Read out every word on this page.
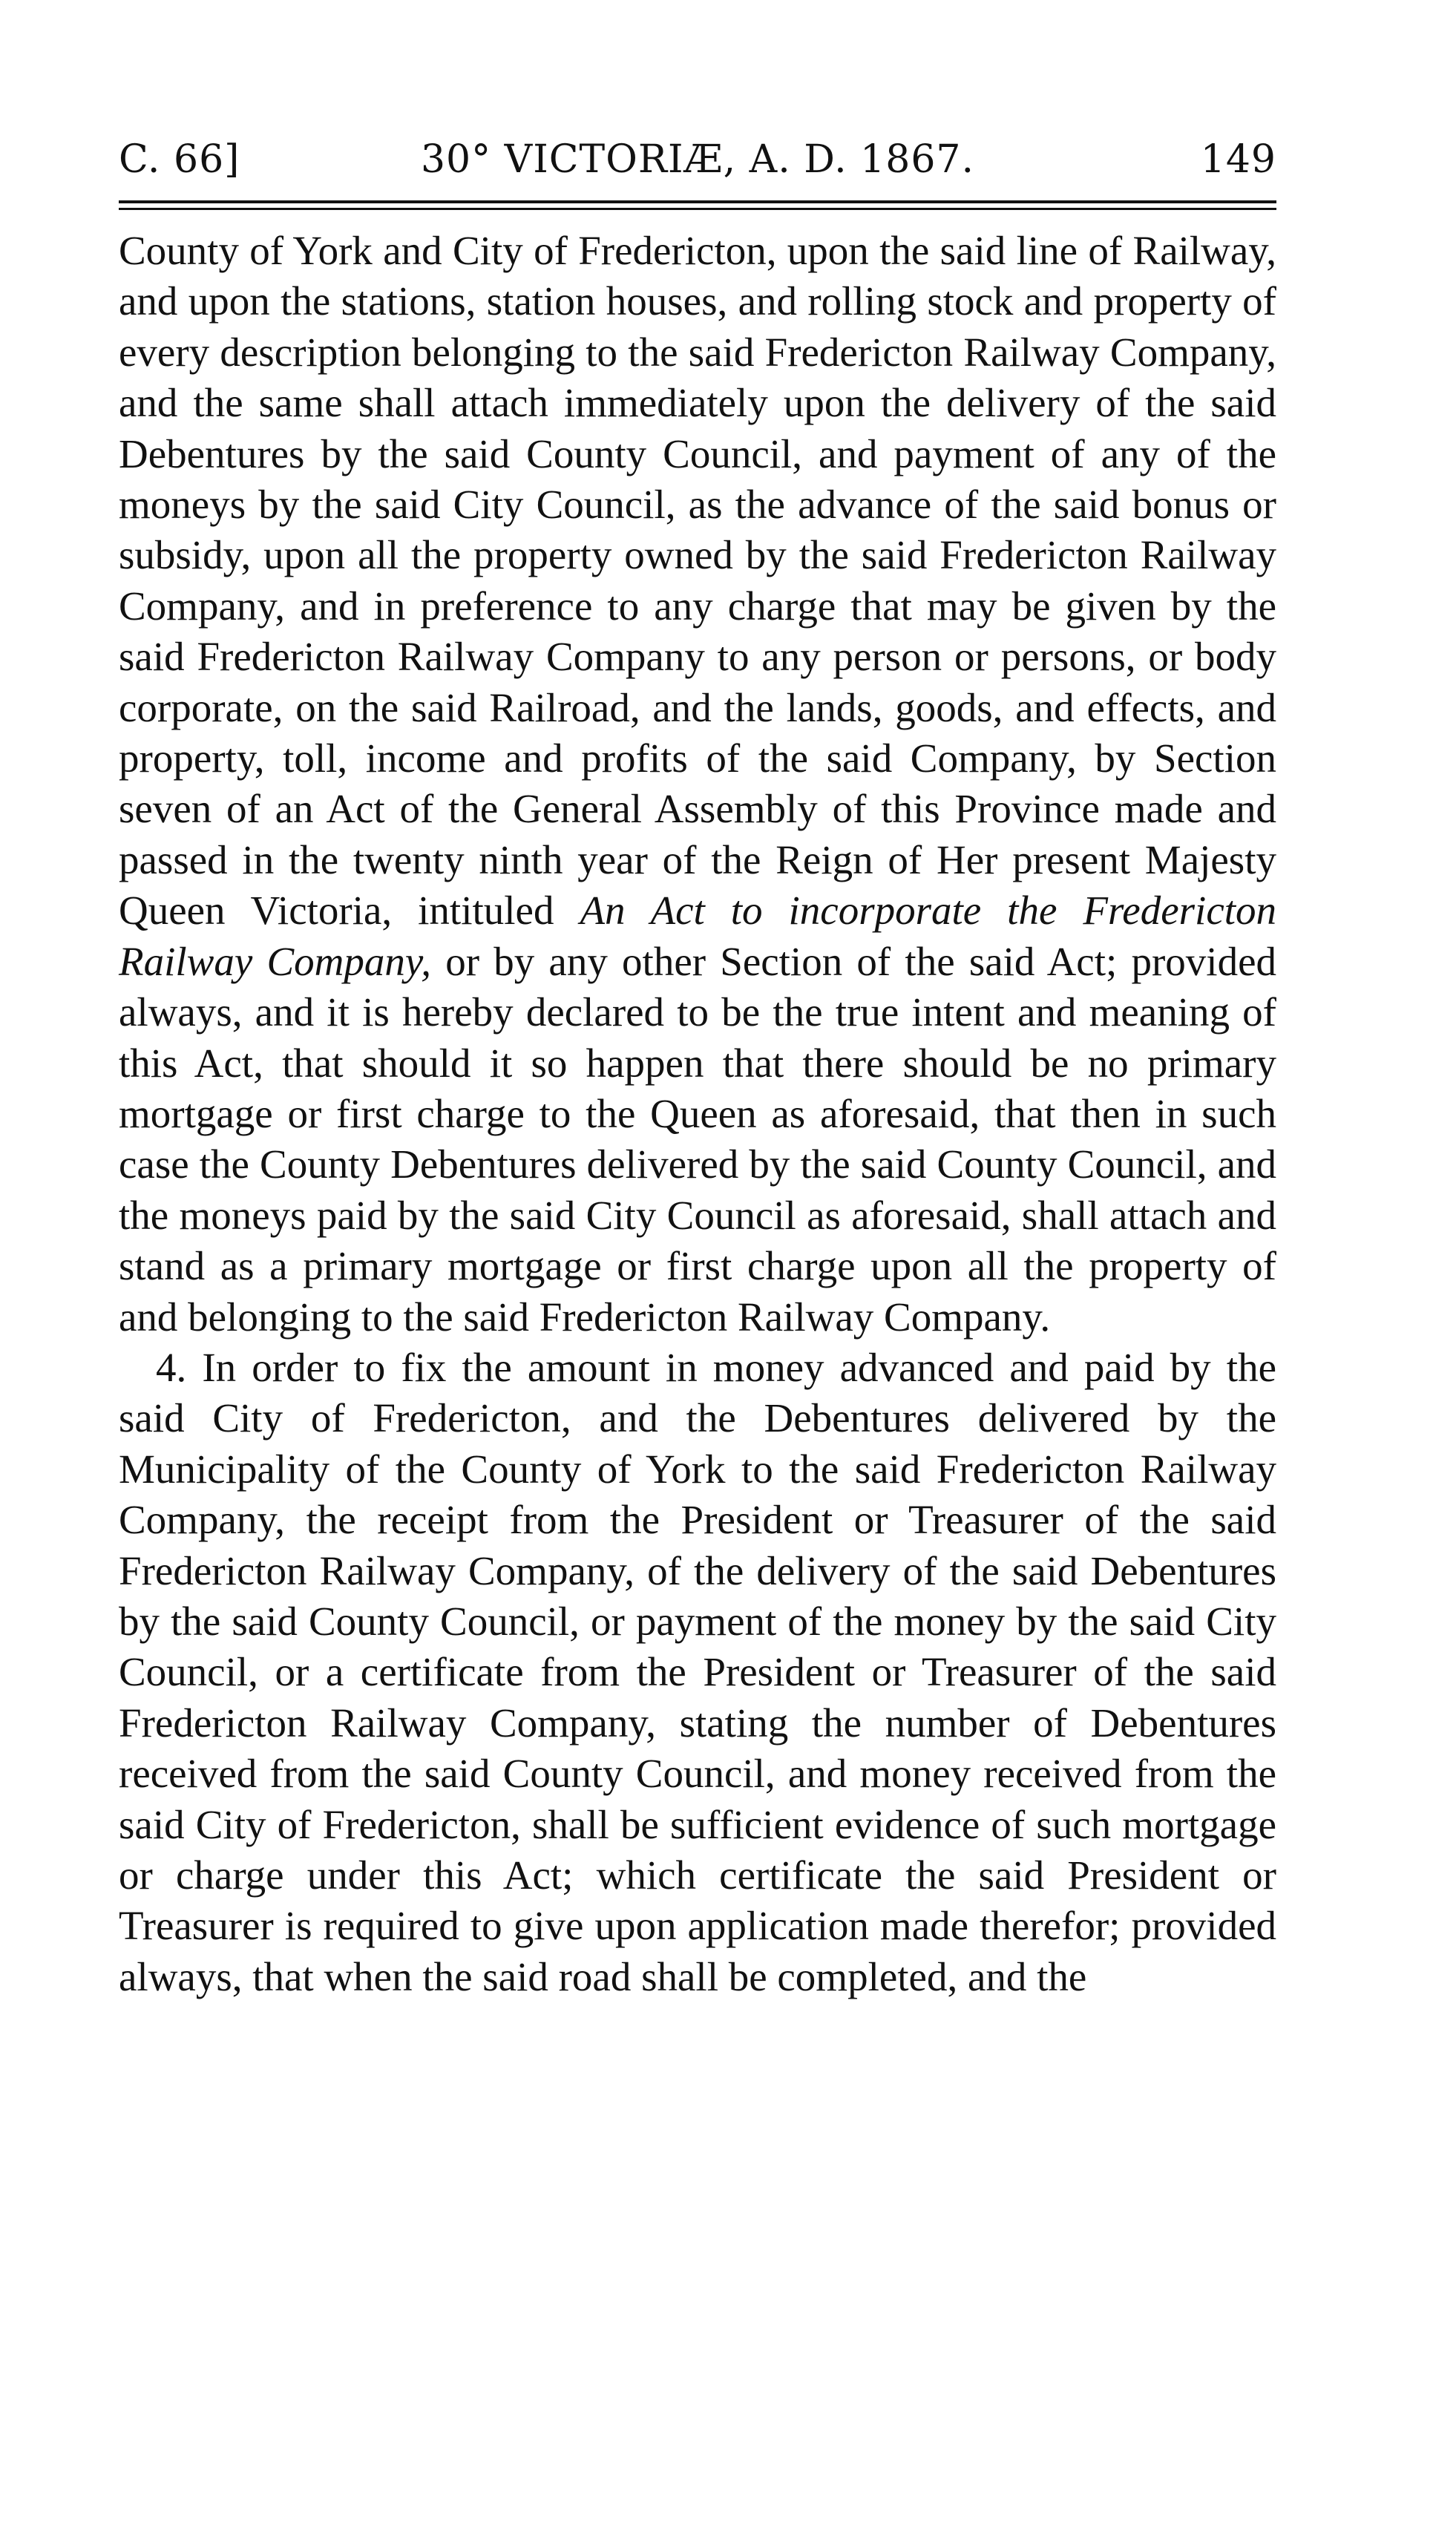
C. 66]	30° VICTORIÆ, A. D. 1867.	149

County of York and City of Fredericton, upon the said line of Railway, and upon the stations, station houses, and rolling stock and property of every description belonging to the said Fredericton Railway Company, and the same shall attach immediately upon the delivery of the said Debentures by the said County Council, and payment of any of the moneys by the said City Council, as the advance of the said bonus or subsidy, upon all the property owned by the said Fredericton Railway Company, and in preference to any charge that may be given by the said Fredericton Railway Company to any person or persons, or body corporate, on the said Railroad, and the lands, goods, and effects, and property, toll, income and profits of the said Company, by Section seven of an Act of the General Assembly of this Province made and passed in the twenty ninth year of the Reign of Her present Majesty Queen Victoria, intituled An Act to incorporate the Fredericton Railway Company, or by any other Section of the said Act; provided always, and it is hereby declared to be the true intent and meaning of this Act, that should it so happen that there should be no primary mortgage or first charge to the Queen as aforesaid, that then in such case the County Debentures delivered by the said County Council, and the moneys paid by the said City Council as aforesaid, shall attach and stand as a primary mortgage or first charge upon all the property of and belonging to the said Fredericton Railway Company.

4. In order to fix the amount in money advanced and paid by the said City of Fredericton, and the Debentures delivered by the Municipality of the County of York to the said Fredericton Railway Company, the receipt from the President or Treasurer of the said Fredericton Railway Company, of the delivery of the said Debentures by the said County Council, or payment of the money by the said City Council, or a certificate from the President or Treasurer of the said Fredericton Railway Company, stating the number of Debentures received from the said County Council, and money received from the said City of Fredericton, shall be sufficient evidence of such mortgage or charge under this Act; which certificate the said President or Treasurer is required to give upon application made therefor; provided always, that when the said road shall be completed, and the
